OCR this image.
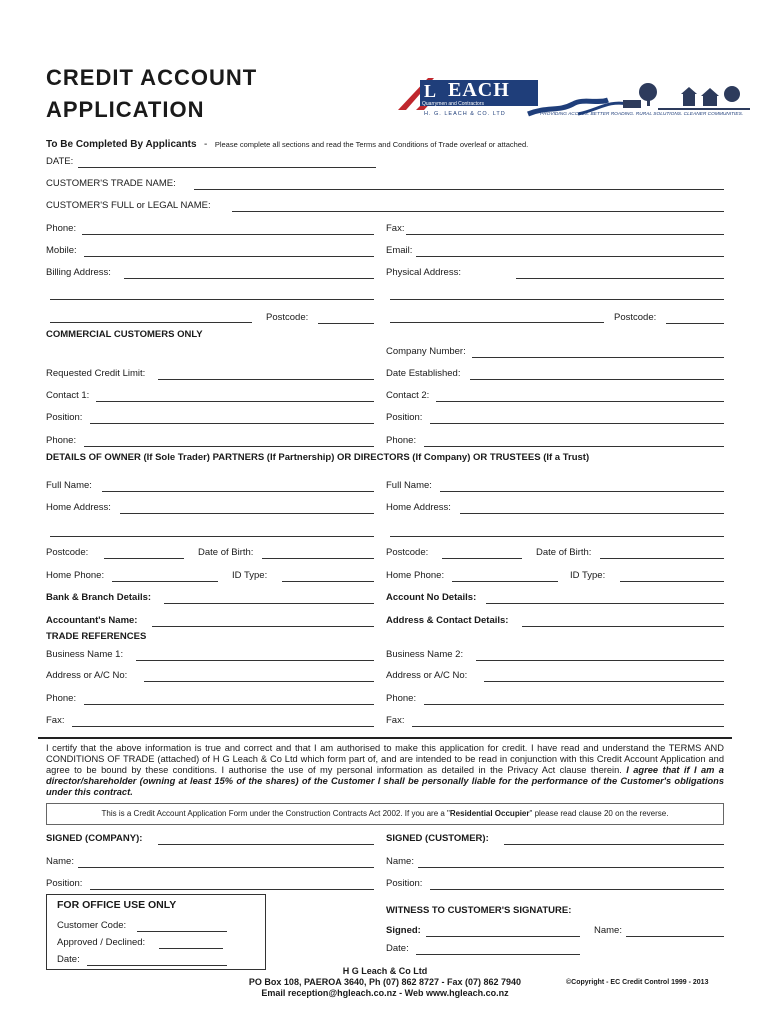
CREDIT ACCOUNT
APPLICATION
L EACH
Quarrymen and Contractors
H. G. LEACH & CO. LTD	PROVIDING ACCESS. BETTER ROADING. RURAL SOLUTIONS. CLEANER COMMUNITIES.
To Be Completed By Applicants - Please complete all sections and read the Terms and Conditions of Trade overleaf or attached.
DATE:
CUSTOMER'S TRADE NAME:
CUSTOMER'S FULL or LEGAL NAME:
Phone:	Fax:
Mobile:	Email:
Billing Address:	Physical Address:
Postcode:	Postcode:
COMMERCIAL CUSTOMERS ONLY
Company Number:
Requested Credit Limit:	Date Established:
Contact 1:	Contact 2:
Position:	Position:
Phone:	Phone:
DETAILS OF OWNER (If Sole Trader) PARTNERS (If Partnership) OR DIRECTORS (If Company) OR TRUSTEES (If a Trust)
Full Name:	Full Name:
Home Address:	Home Address:
Postcode:	Date of Birth:	Postcode:	Date of Birth:
Home Phone:	ID Type:	Home Phone:	ID Type:
Bank & Branch Details:	Account No Details:
Accountant's Name:	Address & Contact Details:
TRADE REFERENCES
Business Name 1:	Business Name 2:
Address or A/C No:	Address or A/C No:
Phone:	Phone:
Fax:	Fax:
I certify that the above information is true and correct and that I am authorised to make this application for credit. I have read and understand the TERMS AND CONDITIONS OF TRADE (attached) of H G Leach & Co Ltd which form part of, and are intended to be read in conjunction with this Credit Account Application and agree to be bound by these conditions. I authorise the use of my personal information as detailed in the Privacy Act clause therein. I agree that if I am a director/shareholder (owning at least 15% of the shares) of the Customer I shall be personally liable for the performance of the Customer's obligations under this contract.
This is a Credit Account Application Form under the Construction Contracts Act 2002. If you are a "Residential Occupier" please read clause 20 on the reverse.
SIGNED (COMPANY):	SIGNED (CUSTOMER):
Name:	Name:
Position:	Position:
FOR OFFICE USE ONLY
Customer Code:
Approved / Declined:
Date:
WITNESS TO CUSTOMER'S SIGNATURE:
Signed:	Name:
Date:
H G Leach & Co Ltd
PO Box 108, PAEROA 3640, Ph (07) 862 8727 - Fax (07) 862 7940
Email reception@hgleach.co.nz - Web www.hgleach.co.nz
©Copyright - EC Credit Control 1999 - 2013
